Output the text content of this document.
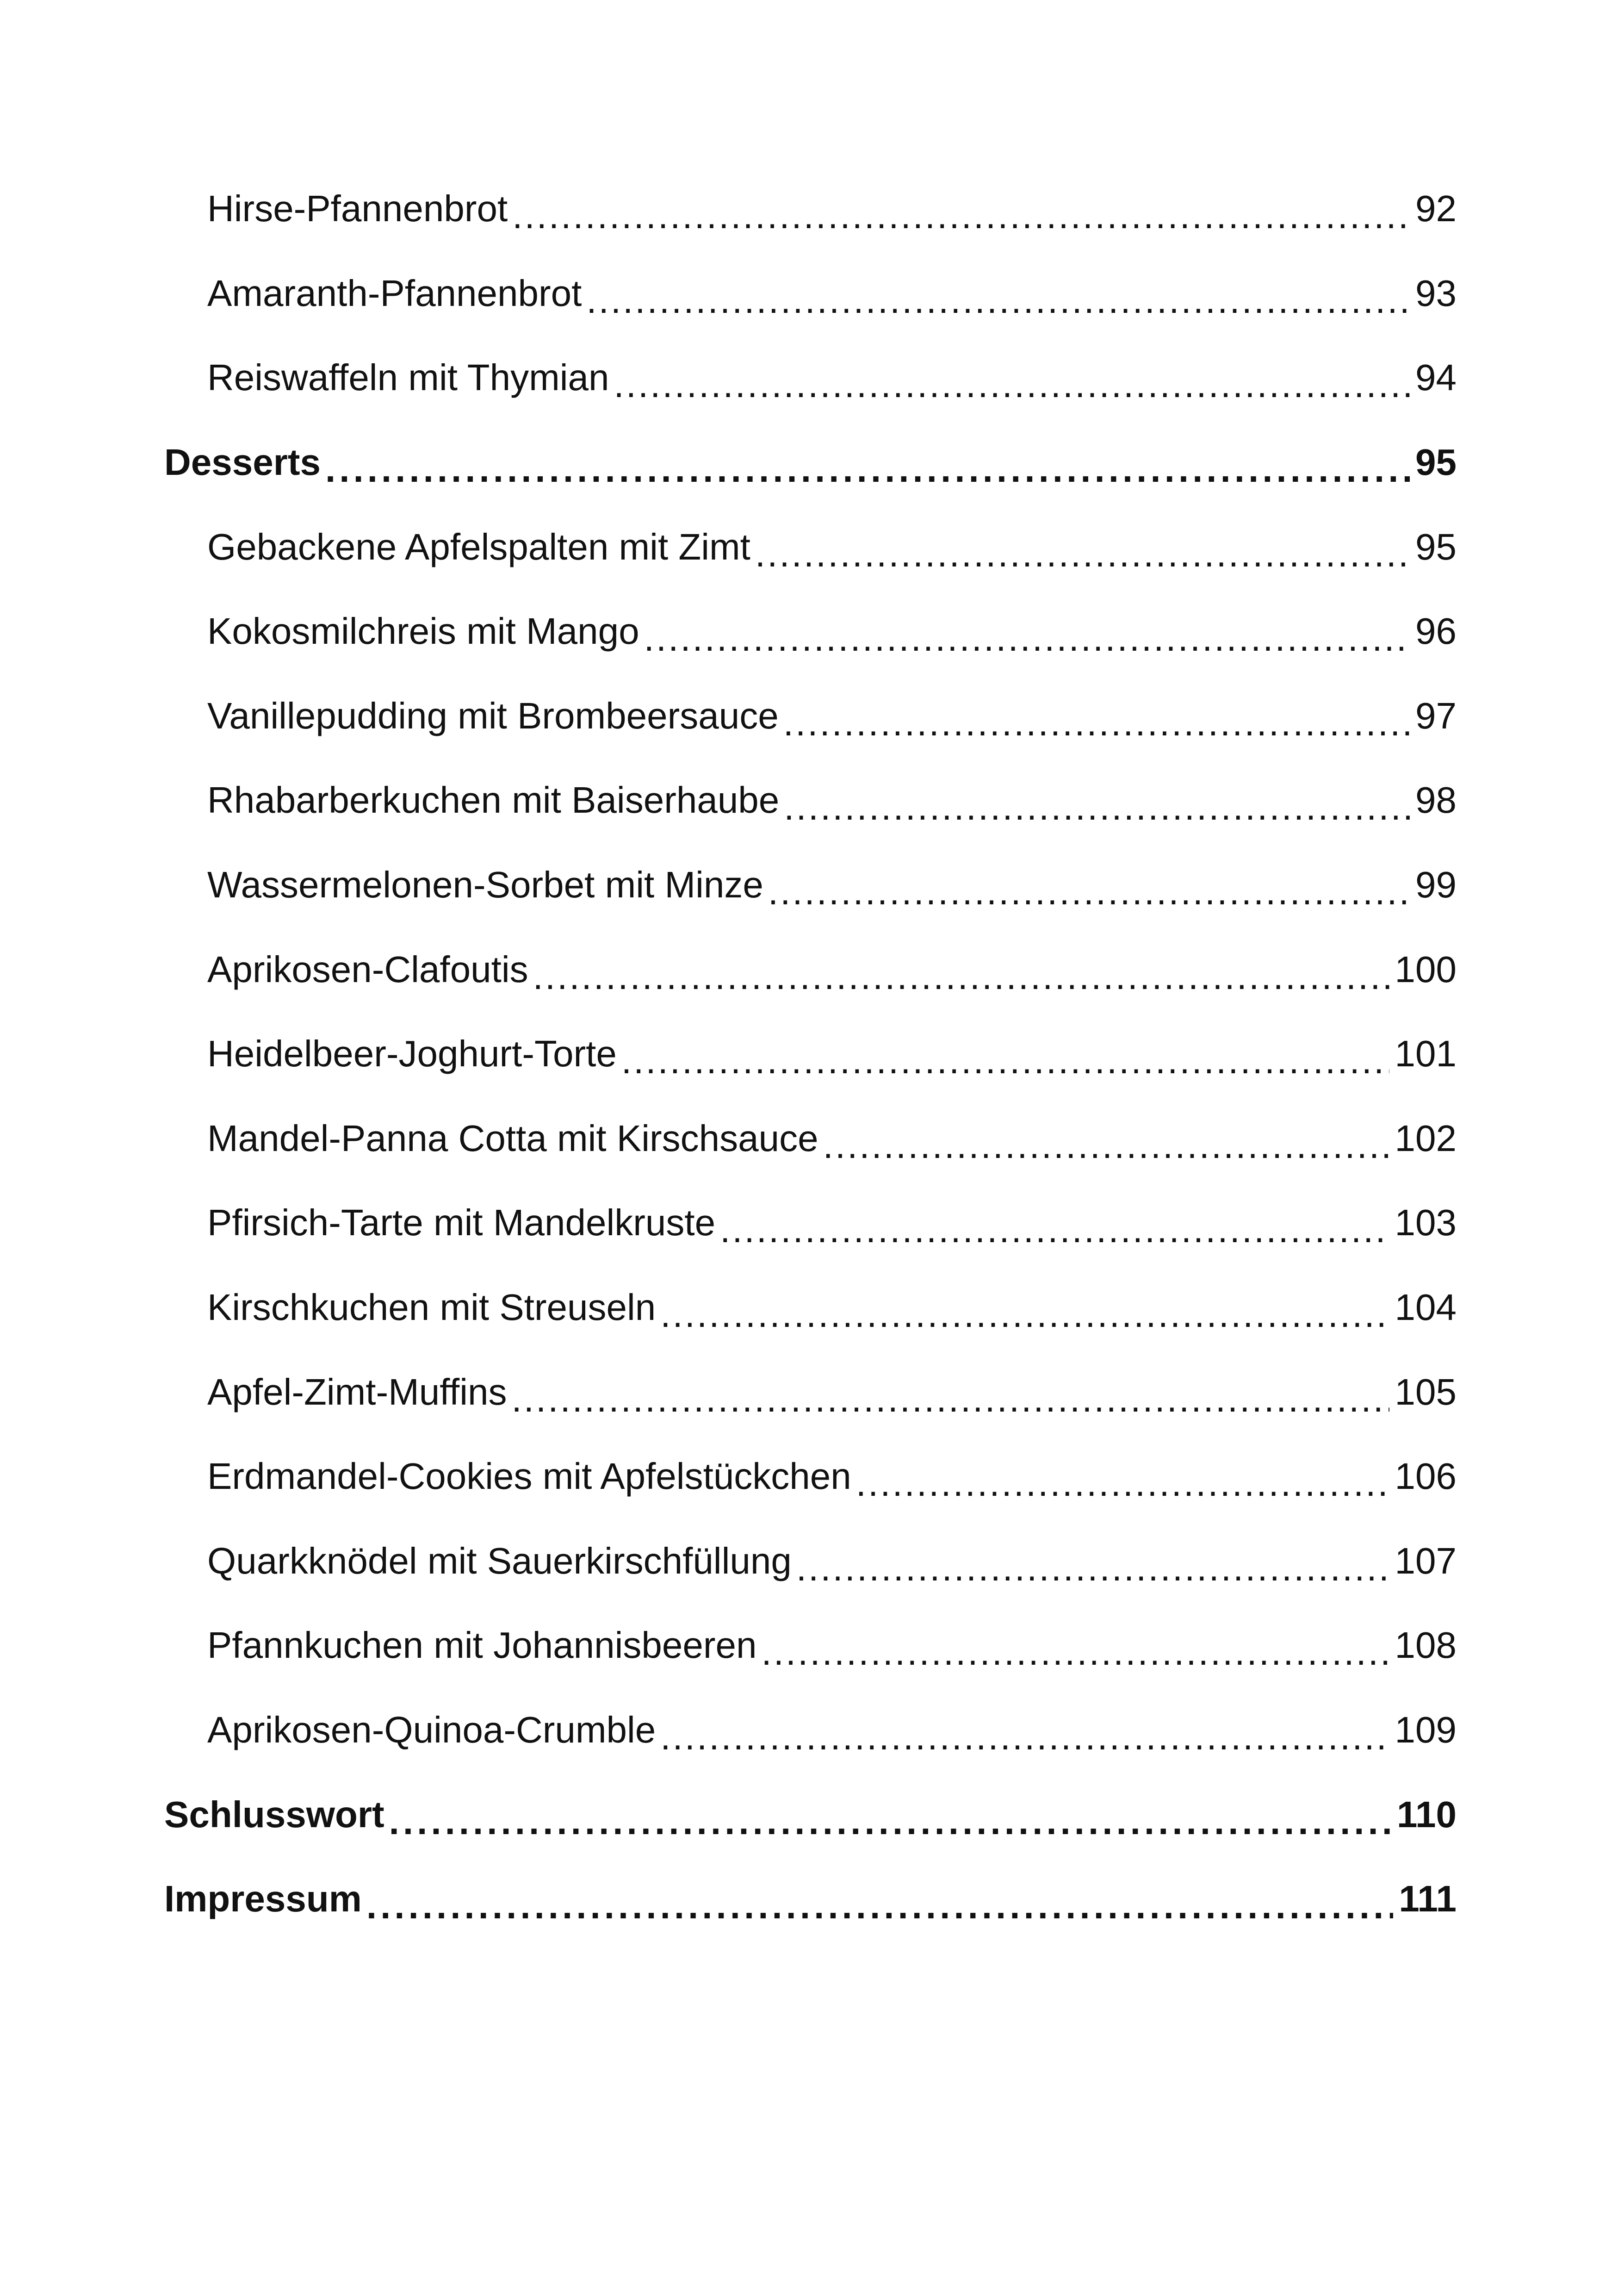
Hirse-Pfannenbrot .....	92
Amaranth-Pfannenbrot .....	93
Reiswaffeln mit Thymian .....	94
Desserts .....	95
Gebackene Apfelspalten mit Zimt .....	95
Kokosmilchreis mit Mango .....	96
Vanillepudding mit Brombeersauce .....	97
Rhabarberkuchen mit Baiserhaube .....	98
Wassermelonen-Sorbet mit Minze .....	99
Aprikosen-Clafoutis .....	100
Heidelbeer-Joghurt-Torte .....	101
Mandel-Panna Cotta mit Kirschsauce .....	102
Pfirsich-Tarte mit Mandelkruste .....	103
Kirschkuchen mit Streuseln .....	104
Apfel-Zimt-Muffins .....	105
Erdmandel-Cookies mit Apfelstückchen .....	106
Quarkknödel mit Sauerkirschfüllung .....	107
Pfannkuchen mit Johannisbeeren .....	108
Aprikosen-Quinoa-Crumble .....	109
Schlusswort .....	110
Impressum .....	111
